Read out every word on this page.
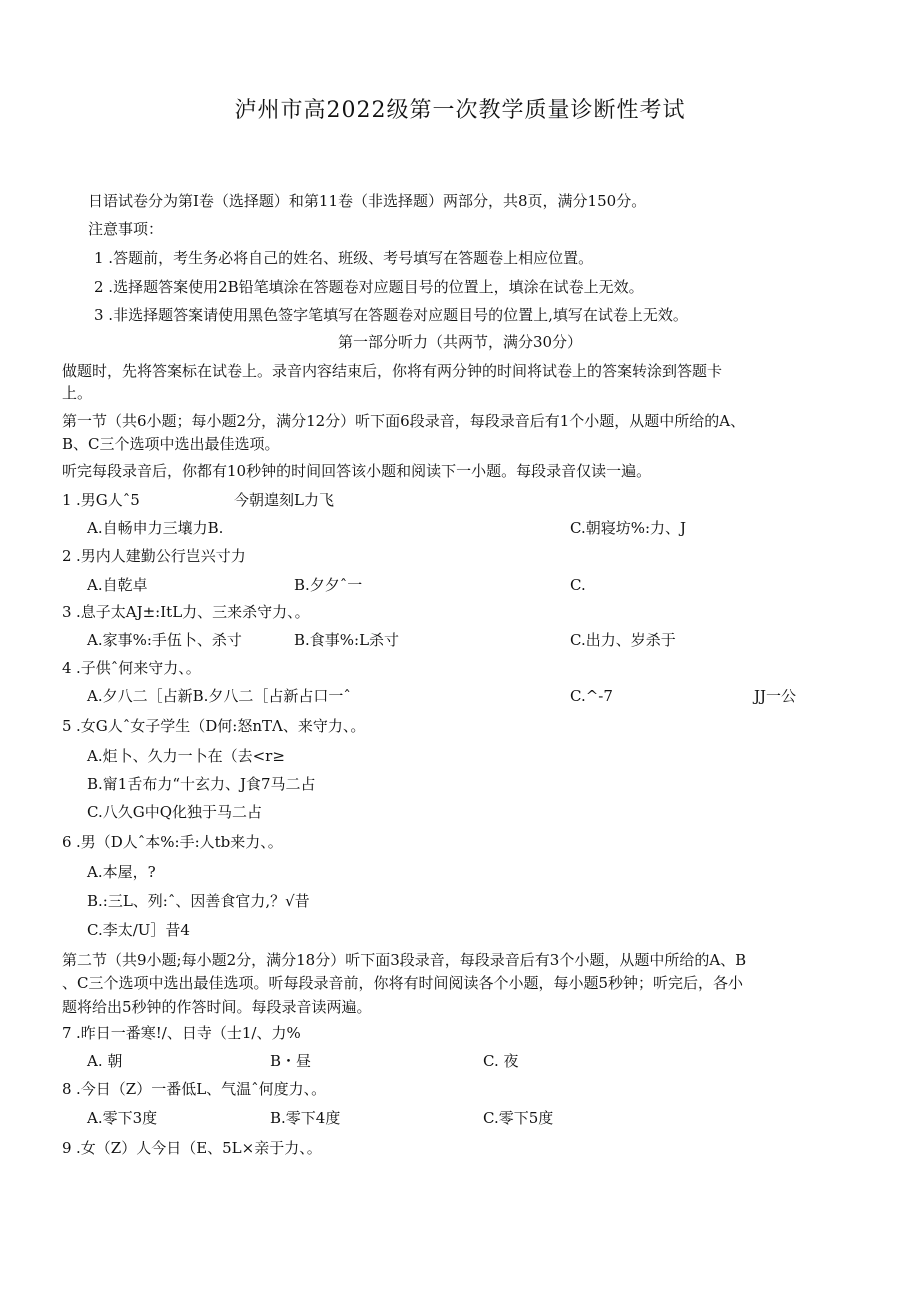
泸州市高2022级第一次教学质量诊断性考试
日语试卷分为第I卷（选择题）和第11卷（非选择题）两部分，共8页，满分150分。
注意事项：
1 .答题前，考生务必将自己的姓名、班级、考号填写在答题卷上相应位置。
2 .选择题答案使用2B铅笔填涂在答题卷对应题目号的位置上，填涂在试卷上无效。
3 .非选择题答案请使用黑色签字笔填写在答题卷对应题目号的位置上,填写在试卷上无效。
第一部分听力（共两节，满分30分）
做题时，先将答案标在试卷上。录音内容结束后，你将有两分钟的时间将试卷上的答案转涂到答题卡
上。
第一节（共6小题；每小题2分，满分12分）听下面6段录音，每段录音后有1个小题，从题中所给的A、
B、C三个选项中选出最佳选项。
听完每段录音后，你都有10秒钟的时间回答该小题和阅读下一小题。每段录音仅读一遍。
1 .男G人ˆ5	今朝遑刻L力飞
A.自畅申力三壤力B.	C.朝寝坊%:力、J
2 .男内人建勤公行岂兴寸力
A.自乾卓	B.夕夕ˆ一	C.
3 .息子太AJ±:ItL力、三来杀守力、。
A.家事%:手伍卜、杀寸	B.食事%:L杀寸	C.出力、岁杀于
4 .子供ˆ何来守力、。
A.夕八二［占新B.夕八二［占新占口一ˆ	C.^-7	JJ一公
5 .女G人ˆ女子学生（D何:怒nTΛ、来守力、。
A.炬卜、久力一卜在（去<r≥
B.甯1舌布力“十玄力、J食7马二占
C.八久G中Q化独于马二占
6 .男（D人ˆ本%:手:人tb来力、。
A.本屋，?
B.:三L、列:ˆ、因善食官力,？√昔
C.李太/U］昔4
第二节（共9小题;每小题2分，满分18分）听下面3段录音，每段录音后有3个小题，从题中所给的A、B
、C三个选项中选出最佳选项。听每段录音前，你将有时间阅读各个小题，每小题5秒钟；听完后，各小
题将给出5秒钟的作答时间。每段录音读两遍。
7 .昨日一番寒!/、日寺（士1/、力%
A. 朝	B・昼	C. 夜
8 .今日（Z）一番低L、气温ˆ何度力、。
A.零下3度	B.零下4度	C.零下5度
9 .女（Z）人今日（E、5L×亲于力、。
